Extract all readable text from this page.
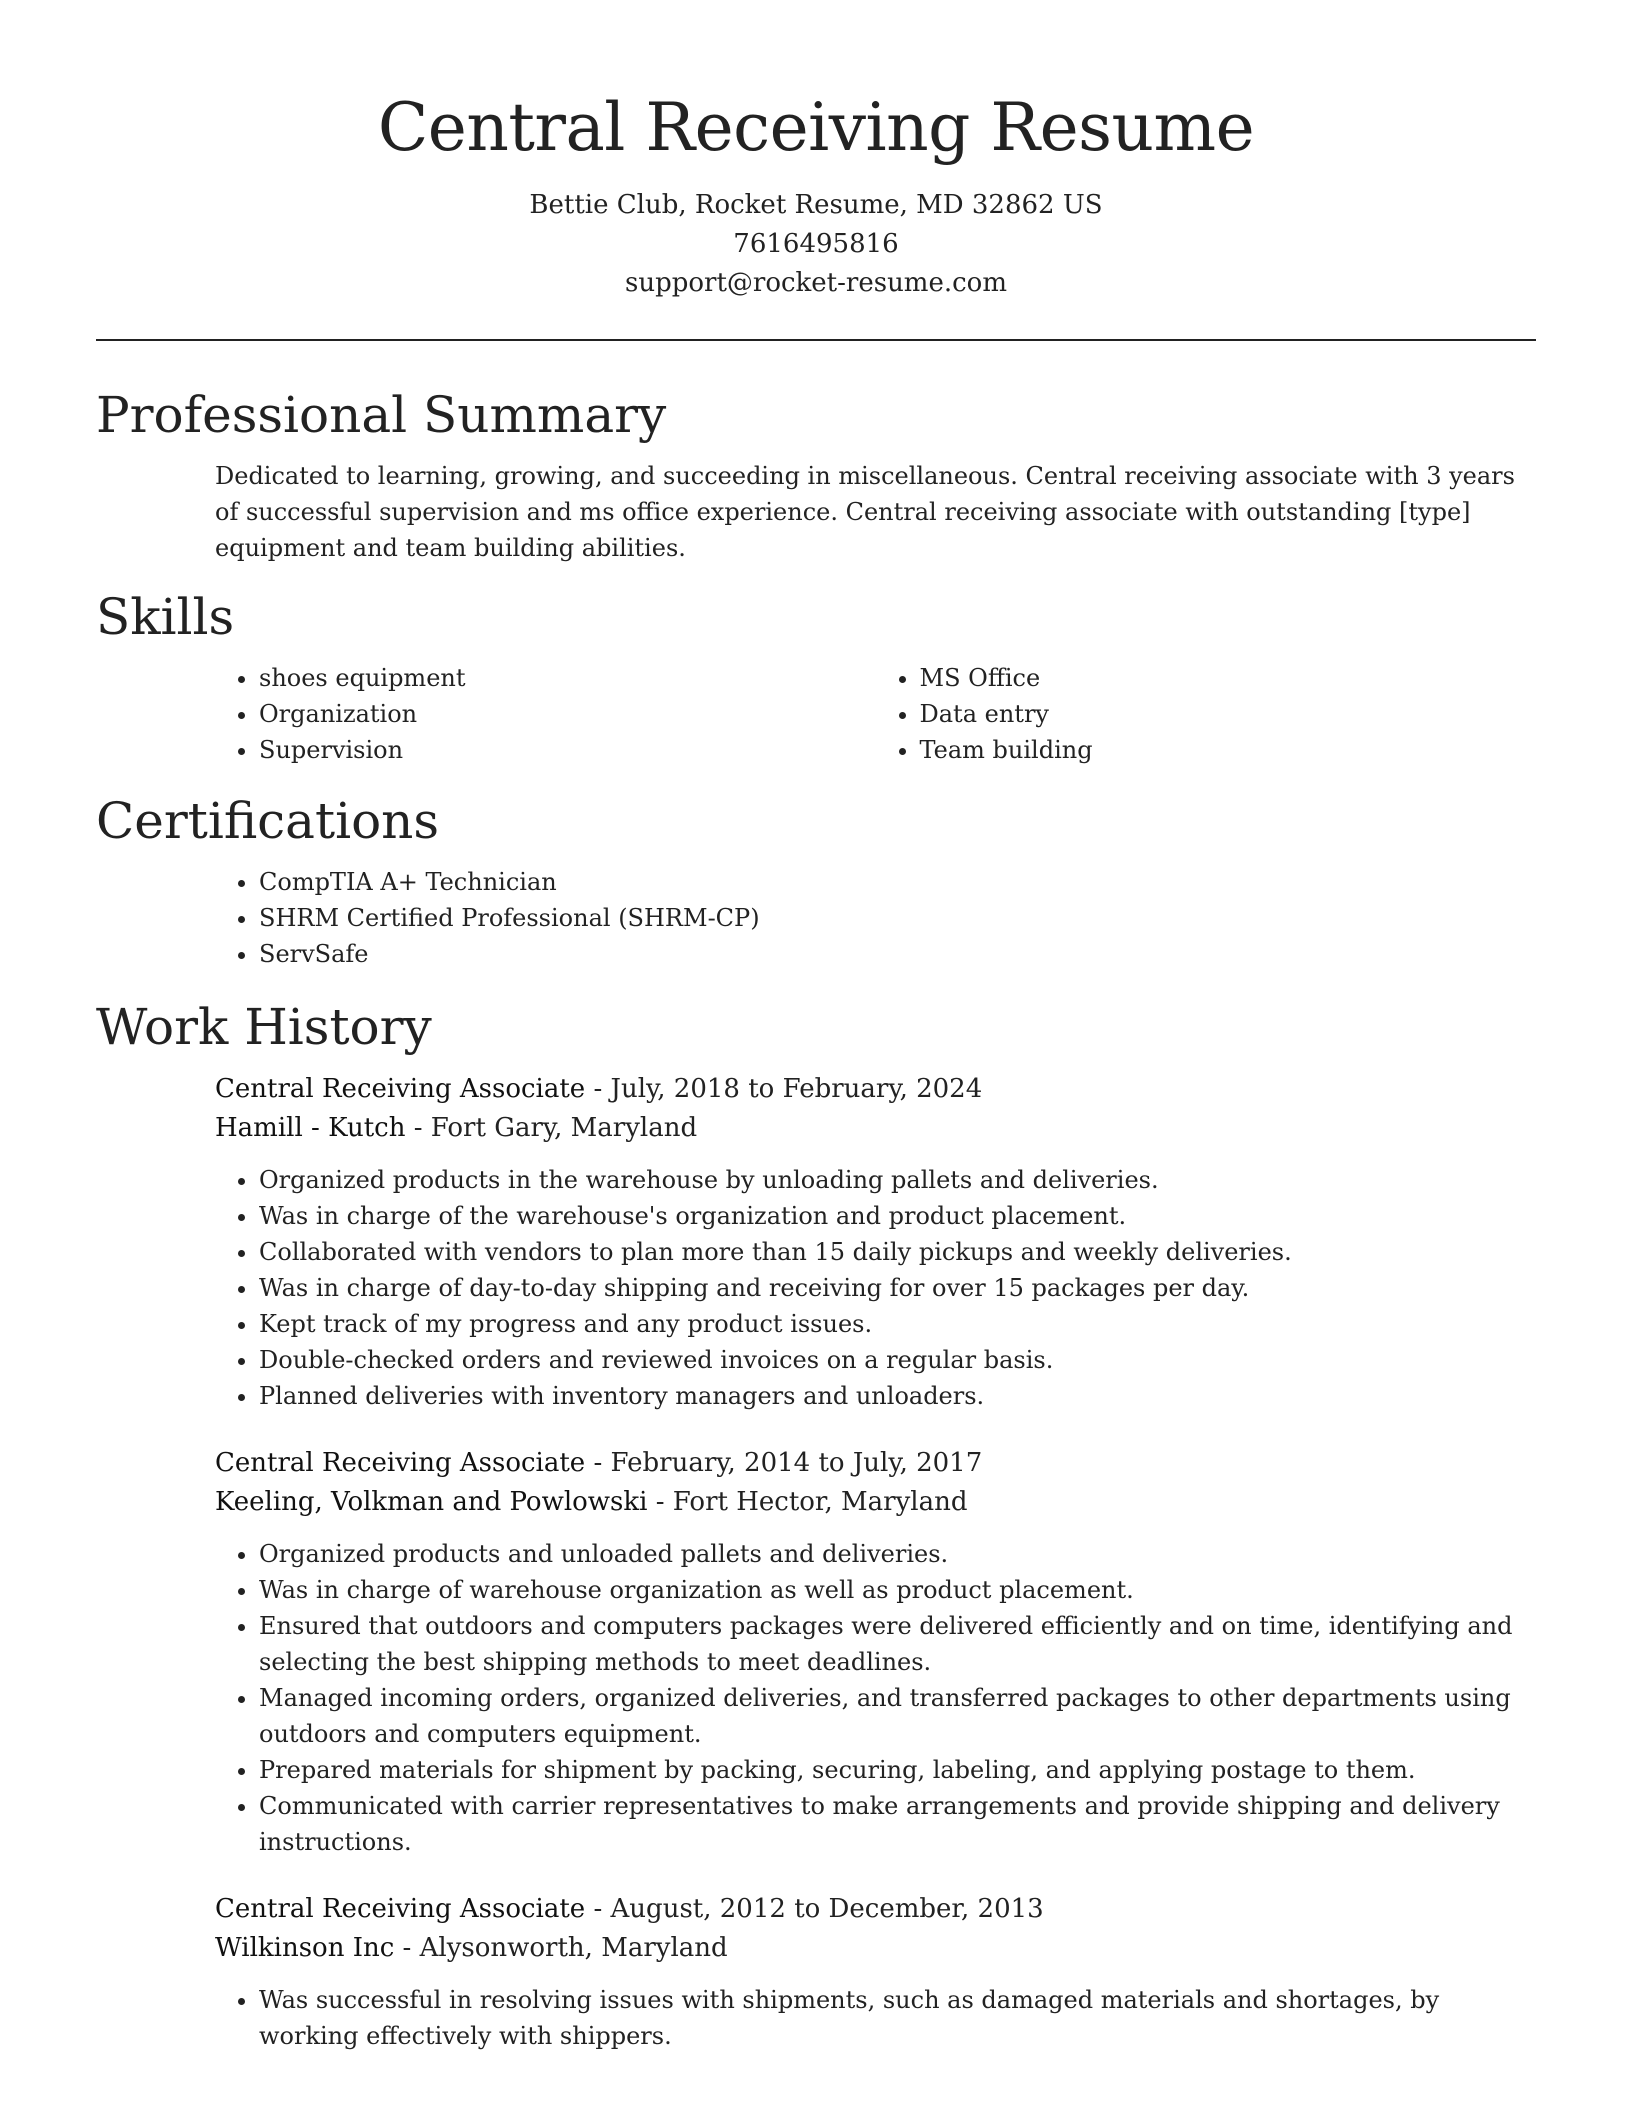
Central Receiving Resume

Bettie Club, Rocket Resume, MD 32862 US

7616495816

support@rocket-resume.com

Professional Summary

Dedicated to learning, growing, and succeeding in miscellaneous. Central receiving associate with 3 years of successful supervision and ms office experience. Central receiving associate with outstanding [type] equipment and team building abilities.

Skills
• shoes equipment
• Organization
• Supervision
• MS Office
• Data entry
• Team building
Certifications
• CompTIA A+ Technician
• SHRM Certified Professional (SHRM-CP)
• ServSafe
Work History

Central Receiving Associate - July, 2018 to February, 2024

Hamill - Kutch - Fort Gary, Maryland

• Organized products in the warehouse by unloading pallets and deliveries.
• Was in charge of the warehouse's organization and product placement.
• Collaborated with vendors to plan more than 15 daily pickups and weekly deliveries.
• Was in charge of day-to-day shipping and receiving for over 15 packages per day.
• Kept track of my progress and any product issues.
• Double-checked orders and reviewed invoices on a regular basis.
• Planned deliveries with inventory managers and unloaders.

Central Receiving Associate - February, 2014 to July, 2017

Keeling, Volkman and Powlowski - Fort Hector, Maryland

• Organized products and unloaded pallets and deliveries.
• Was in charge of warehouse organization as well as product placement.
• Ensured that outdoors and computers packages were delivered efficiently and on time, identifying and selecting the best shipping methods to meet deadlines.
• Managed incoming orders, organized deliveries, and transferred packages to other departments using outdoors and computers equipment.
• Prepared materials for shipment by packing, securing, labeling, and applying postage to them.
• Communicated with carrier representatives to make arrangements and provide shipping and delivery instructions.

Central Receiving Associate - August, 2012 to December, 2013

Wilkinson Inc - Alysonworth, Maryland

• Was successful in resolving issues with shipments, such as damaged materials and shortages, by working effectively with shippers.
